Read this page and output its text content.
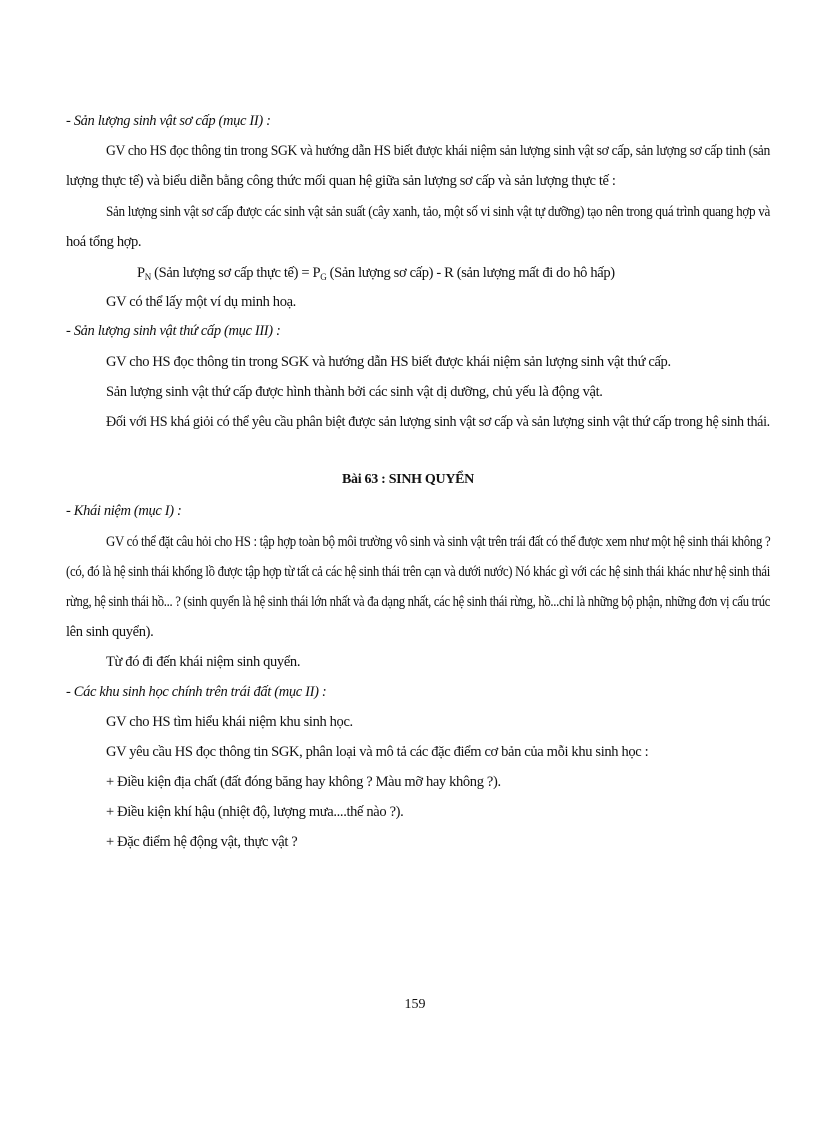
- Sản lượng sinh vật sơ cấp (mục II) :
GV cho HS đọc thông tin trong SGK và hướng dẫn HS biết được khái niệm sản lượng sinh vật sơ cấp, sản lượng sơ cấp tinh (sản
lượng thực tế) và biểu diễn bằng công thức mối quan hệ giữa sản lượng sơ cấp và sản lượng thực tế :
Sản lượng sinh vật sơ cấp được các sinh vật sản suất (cây xanh, tảo, một số vi sinh vật tự dưỡng) tạo nên trong quá trình quang hợp và
hoá tổng hợp.
$P_N$ (Sản lượng sơ cấp thực tế) = $P_G$ (Sản lượng sơ cấp) - R (sản lượng mất đi do hô hấp)
GV có thể lấy một ví dụ minh hoạ.
- Sản lượng sinh vật thứ cấp (mục III) :
GV cho HS đọc thông tin trong SGK và hướng dẫn HS biết được khái niệm sản lượng sinh vật thứ cấp.
Sản lượng sinh vật thứ cấp được hình thành bởi các sinh vật dị dưỡng, chủ yếu là động vật.
Đối với HS khá giỏi có thể yêu cầu phân biệt được sản lượng sinh vật sơ cấp và sản lượng sinh vật thứ cấp trong hệ sinh thái.
Bài 63 : SINH QUYỂN
- Khái niệm (mục I) :
GV có thể đặt câu hỏi cho HS : tập hợp toàn bộ môi trường vô sinh và sinh vật trên trái đất có thể được xem như một hệ sinh thái không ?
(có, đó là hệ sinh thái khổng lồ được tập hợp từ tất cả các hệ sinh thái trên cạn và dưới nước) Nó khác gì với các hệ sinh thái khác như hệ sinh thái
rừng, hệ sinh thái hồ... ? (sinh quyển là hệ sinh thái lớn nhất và đa dạng nhất, các hệ sinh thái rừng, hồ...chỉ là những bộ phận, những đơn vị cấu trúc
lên sinh quyển).
Từ đó đi đến khái niệm sinh quyển.
- Các khu sinh học chính trên trái đất (mục II) :
GV cho HS tìm hiểu khái niệm khu sinh học.
GV yêu cầu HS đọc thông tin SGK, phân loại và mô tả các đặc điểm cơ bản của mỗi khu sinh học :
+ Điều kiện địa chất (đất đóng băng hay không ? Màu mỡ hay không ?).
+ Điều kiện khí hậu (nhiệt độ, lượng mưa....thế nào ?).
+ Đặc điểm hệ động vật, thực vật ?
159
